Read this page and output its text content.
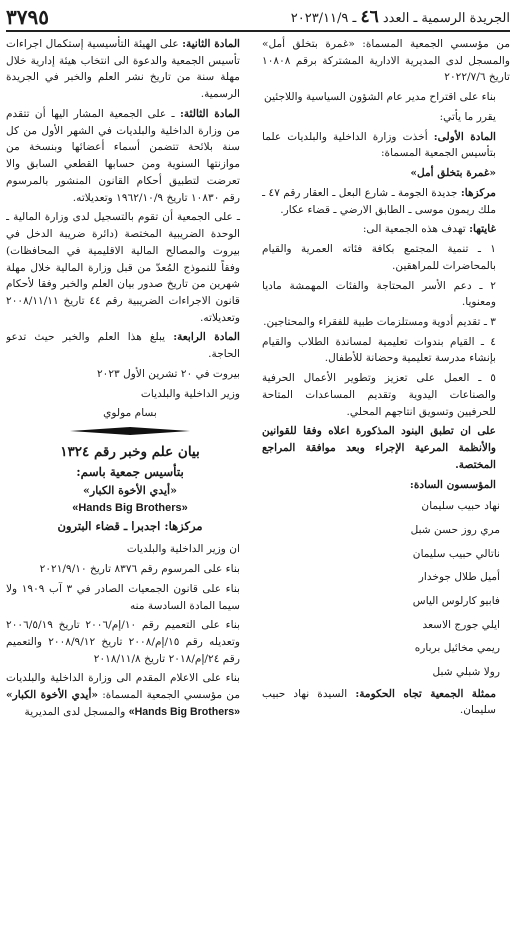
الجريدة الرسمية ـ العدد ٤٦ ـ ٢٠٢٣/١١/٩
٣٧٩٥

من مؤسسي الجمعية المسماة: «غمرة بتخلق أمل» والمسجل لدى المديرية الادارية المشتركة برقم ١٠٨٠٨ تاريخ ٢٠٢٢/٧/٦

بناء على اقتراح مدير عام الشؤون السياسية واللاجئين

يقرر ما يأتي:

المادة الأولى: أخذت وزارة الداخلية والبلديات علما بتأسيس الجمعية المسماة:

«غمرة بتخلق أمل»

مركزها: جديدة الجومة ـ شارع البعل ـ العقار رقم ٤٧ ـ ملك ريمون موسى ـ الطابق الارضي ـ قضاء عكار.

غايتها: تهدف هذه الجمعية الى:

١ ـ تنمية المجتمع بكافة فئاته العمرية والقيام بالمحاضرات للمراهقين.

٢ ـ دعم الأسر المحتاجة والفئات المهمشة ماديا ومعنويا.

٣ ـ تقديم أدوية ومستلزمات طبية للفقراء والمحتاجين.

٤ ـ القيام بندوات تعليمية لمساندة الطلاب والقيام بإنشاء مدرسة تعليمية وحضانة للأطفال.

٥ ـ العمل على تعزيز وتطوير الأعمال الحرفية والصناعات اليدوية وتقديم المساعدات المتاحة للحرفيين وتسويق انتاجهم المحلي.

على ان تطبق البنود المذكورة اعلاه وفقا للقوانين والأنظمة المرعية الإجراء وبعد موافقة المراجع المختصة.

المؤسسون السادة:

نهاد حبيب سليمان

مري روز حسن شبل

ناتالي حبيب سليمان

أميل طلال جوخدار

فابيو كارلوس الياس

ايلي جورج الاسعد

ريمي مخائيل برباره

رولا شبلي شبل

ممثلة الجمعية تجاه الحكومة: السيدة نهاد حبيب سليمان.

المادة الثانية: على الهيئة التأسيسية إستكمال اجراءات تأسيس الجمعية والدعوة الى انتخاب هيئة إدارية خلال مهلة سنة من تاريخ نشر العلم والخبر في الجريدة الرسمية.

المادة الثالثة: ـ على الجمعية المشار اليها أن تتقدم من وزارة الداخلية والبلديات في الشهر الأول من كل سنة بلائحة تتضمن أسماء أعضائها وبنسخة من موازنتها السنوية ومن حسابها القطعي السابق والا تعرضت لتطبيق أحكام القانون المنشور بالمرسوم رقم ١٠٨٣٠ تاريخ ١٩٦٢/١٠/٩ وتعديلاته.

ـ على الجمعية أن تقوم بالتسجيل لدى وزارة المالية ـ الوحدة الضريبية المختصة (دائرة ضريبة الدخل في بيروت والمصالح المالية الاقليمية في المحافظات) وفقاً للنموذج المُعدّ من قبل وزارة المالية خلال مهلة شهرين من تاريخ صدور بيان العلم والخبر وفقا لأحكام قانون الاجراءات الضريبية رقم ٤٤ تاريخ ٢٠٠٨/١١/١١ وتعديلاته.

المادة الرابعة: يبلغ هذا العلم والخبر حيث تدعو الحاجة.

بيروت في ٢٠ تشرين الأول ٢٠٢٣

وزير الداخلية والبلديات

بسام مولوي

بيان علم وخبر رقم ١٣٢٤

بتأسيس جمعية باسم:

«أيدي الأخوة الكبار»

«Hands Big Brothers»

مركزها: اجدبرا ـ قضاء البترون

ان وزير الداخلية والبلديات

بناء على المرسوم رقم ٨٣٧٦ تاريخ ٢٠٢١/٩/١٠

بناء على قانون الجمعيات الصادر في ٣ آب ١٩٠٩ ولا سيما المادة السادسة منه

بناء على التعميم رقم ١٠/إم/٢٠٠٦ تاريخ ٢٠٠٦/٥/١٩ وتعديله رقم ١٥/إم/٢٠٠٨ تاريخ ٢٠٠٨/٩/١٢ والتعميم رقم ٢٤/إم/٢٠١٨ تاريخ ٢٠١٨/١١/٨

بناء على الاعلام المقدم الى وزارة الداخلية والبلديات من مؤسسي الجمعية المسماة: «أيدي الأخوة الكبار» «Hands Big Brothers» والمسجل لدى المديرية
